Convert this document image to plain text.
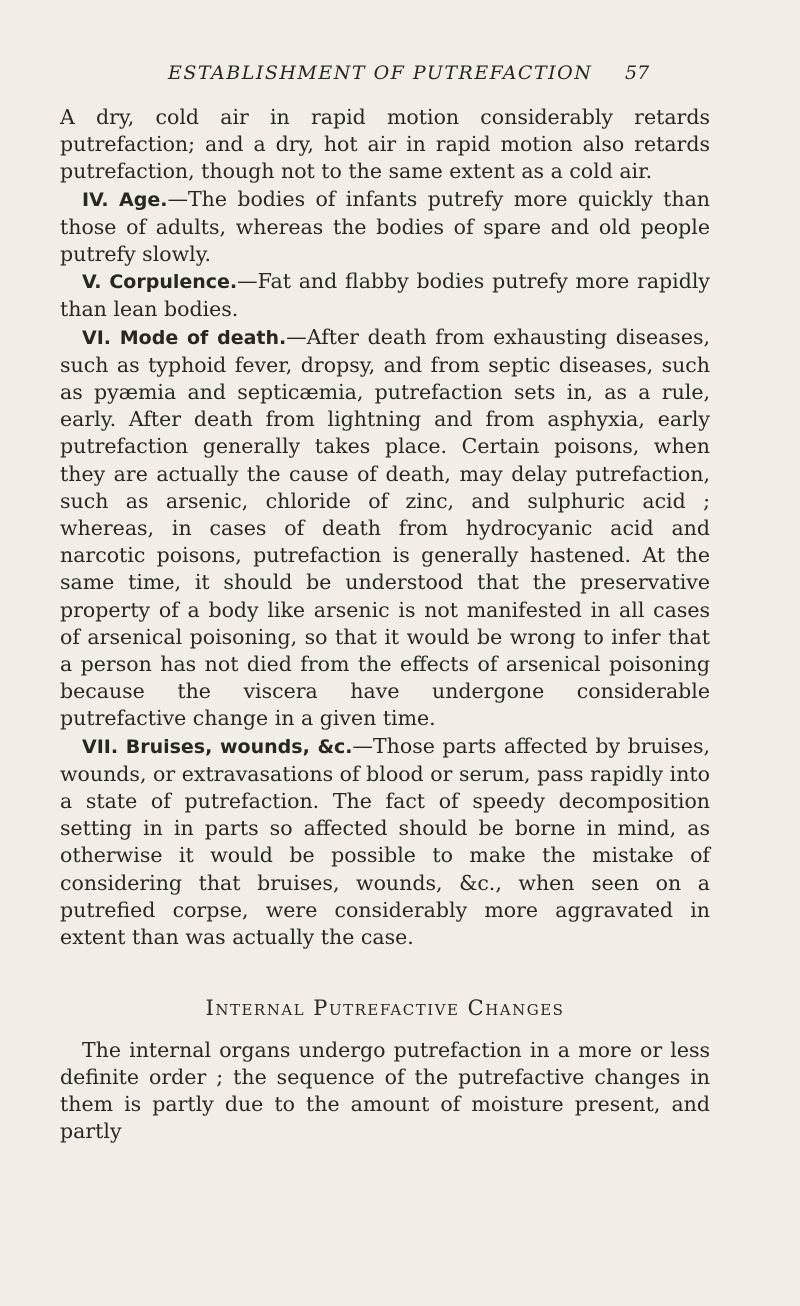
ESTABLISHMENT OF PUTREFACTION 57

A dry, cold air in rapid motion considerably retards putrefaction; and a dry, hot air in rapid motion also retards putrefaction, though not to the same extent as a cold air.

IV. Age.—The bodies of infants putrefy more quickly than those of adults, whereas the bodies of spare and old people putrefy slowly.

V. Corpulence.—Fat and flabby bodies putrefy more rapidly than lean bodies.

VI. Mode of death.—After death from exhausting diseases, such as typhoid fever, dropsy, and from septic diseases, such as pyæmia and septicæmia, putrefaction sets in, as a rule, early. After death from lightning and from asphyxia, early putrefaction generally takes place. Certain poisons, when they are actually the cause of death, may delay putrefaction, such as arsenic, chloride of zinc, and sulphuric acid ; whereas, in cases of death from hydrocyanic acid and narcotic poisons, putrefaction is generally hastened. At the same time, it should be understood that the preservative property of a body like arsenic is not manifested in all cases of arsenical poisoning, so that it would be wrong to infer that a person has not died from the effects of arsenical poisoning because the viscera have undergone considerable putrefactive change in a given time.

VII. Bruises, wounds, &c.—Those parts affected by bruises, wounds, or extravasations of blood or serum, pass rapidly into a state of putrefaction. The fact of speedy decomposition setting in in parts so affected should be borne in mind, as otherwise it would be possible to make the mistake of considering that bruises, wounds, &c., when seen on a putrefied corpse, were considerably more aggravated in extent than was actually the case.

Internal Putrefactive Changes

The internal organs undergo putrefaction in a more or less definite order ; the sequence of the putrefactive changes in them is partly due to the amount of moisture present, and partly
